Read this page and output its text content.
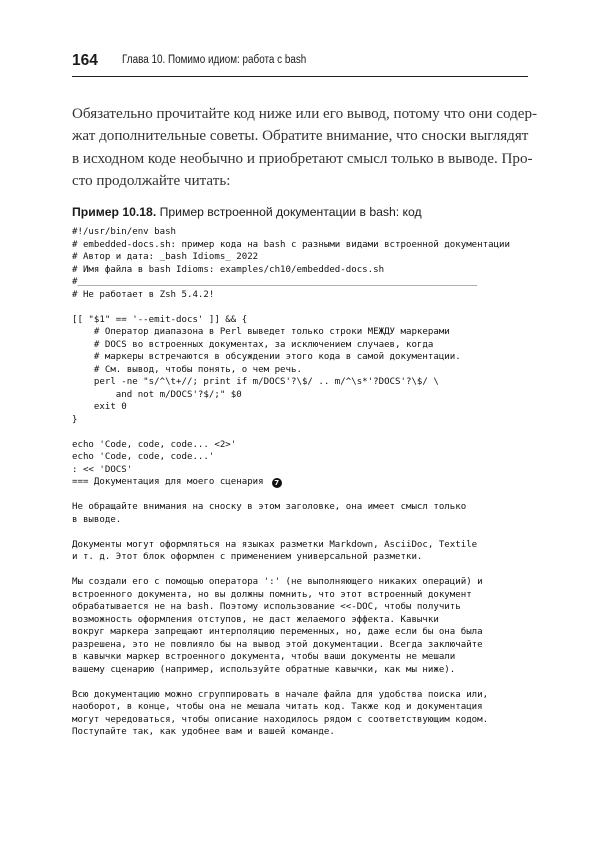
164 Глава 10. Помимо идиом: работа с bash
Обязательно прочитайте код ниже или его вывод, потому что они содер-
жат дополнительные советы. Обратите внимание, что сноски выглядят
в исходном коде необычно и приобретают смысл только в выводе. Про-
сто продолжайте читать:
Пример 10.18. Пример встроенной документации в bash: код
#!/usr/bin/env bash
# embedded-docs.sh: пример кода на bash с разными видами встроенной документации
# Автор и дата: _bash Idioms_ 2022
# Имя файла в bash Idioms: examples/ch10/embedded-docs.sh
#_________________________________________________________________________
# Не работает в Zsh 5.4.2!
[[ "$1" == '--emit-docs' ]] && {
# Оператор диапазона в Perl выведет только строки МЕЖДУ маркерами
# DOCS во встроенных документах, за исключением случаев, когда
# маркеры встречаются в обсуждении этого кода в самой документации.
# См. вывод, чтобы понять, о чем речь.
perl -ne "s/^\t+//; print if m/DOCS'?\$/ .. m/^\s*'?DOCS'?\$/ \
and not m/DOCS'?$/;" $0
exit 0
}
echo 'Code, code, code... <2>'
echo 'Code, code, code...'
: << 'DOCS'
=== Документация для моего сценария 7
Не обращайте внимания на сноску в этом заголовке, она имеет смысл только
в выводе.
Документы могут оформляться на языках разметки Markdown, AsciiDoc, Textile
и т. д. Этот блок оформлен с применением универсальной разметки.
Мы создали его с помощью оператора ':' (не выполняющего никаких операций) и
встроенного документа, но вы должны помнить, что этот встроенный документ
обрабатывается не на bash. Поэтому использование <<-DOC, чтобы получить
возможность оформления отступов, не даст желаемого эффекта. Кавычки
вокруг маркера запрещают интерполяцию переменных, но, даже если бы она была
разрешена, это не повлияло бы на вывод этой документации. Всегда заключайте
в кавычки маркер встроенного документа, чтобы ваши документы не мешали
вашему сценарию (например, используйте обратные кавычки, как мы ниже).
Всю документацию можно сгруппировать в начале файла для удобства поиска или,
наоборот, в конце, чтобы она не мешала читать код. Также код и документация
могут чередоваться, чтобы описание находилось рядом с соответствующим кодом.
Поступайте так, как удобнее вам и вашей команде.
